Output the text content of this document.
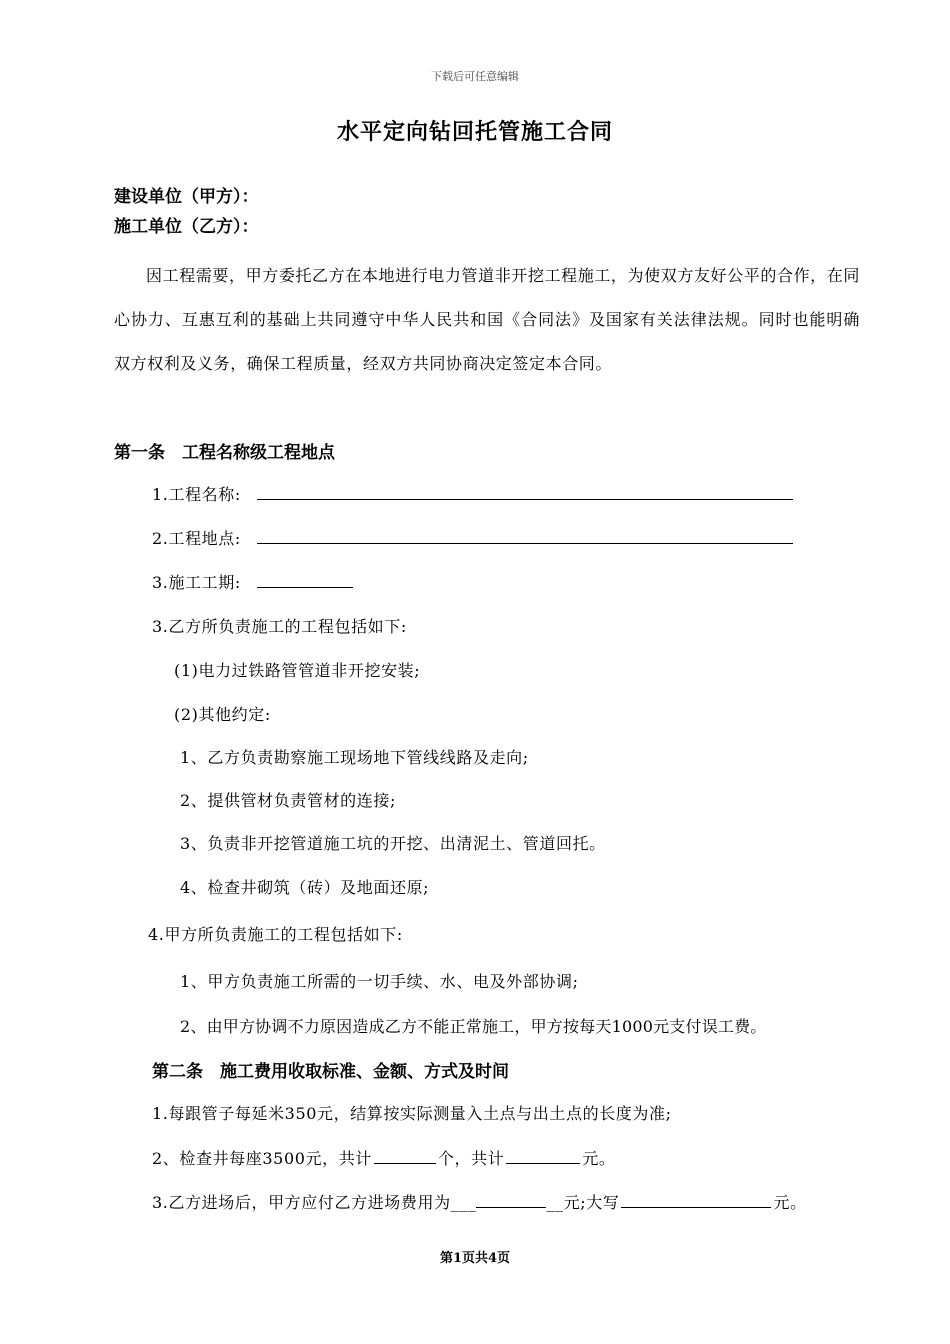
下载后可任意编辑
水平定向钻回托管施工合同
建设单位（甲方）：
施工单位（乙方）：
因工程需要，甲方委托乙方在本地进行电力管道非开挖工程施工，为使双方友好公平的合作，在同心协力、互惠互利的基础上共同遵守中华人民共和国《合同法》及国家有关法律法规。同时也能明确双方权利及义务，确保工程质量，经双方共同协商决定签定本合同。
第一条　工程名称级工程地点
1.工程名称:
2.工程地点:
3.施工工期:
3.乙方所负责施工的工程包括如下:
(1)电力过铁路管管道非开挖安装;
(2)其他约定:
1、乙方负责勘察施工现场地下管线线路及走向;
2、提供管材负责管材的连接;
3、负责非开挖管道施工坑的开挖、出清泥土、管道回托。
4、检查井砌筑（砖）及地面还原;
4.甲方所负责施工的工程包括如下:
1、甲方负责施工所需的一切手续、水、电及外部协调;
2、由甲方协调不力原因造成乙方不能正常施工，甲方按每天1000元支付误工费。
第二条　施工费用收取标准、金额、方式及时间
1.每跟管子每延米350元，结算按实际测量入土点与出土点的长度为准;
2、检查井每座3500元，共计	个，共计	元。
3.乙方进场后，甲方应付乙方进场费用为___	__元;大写	元。
第1页共4页
